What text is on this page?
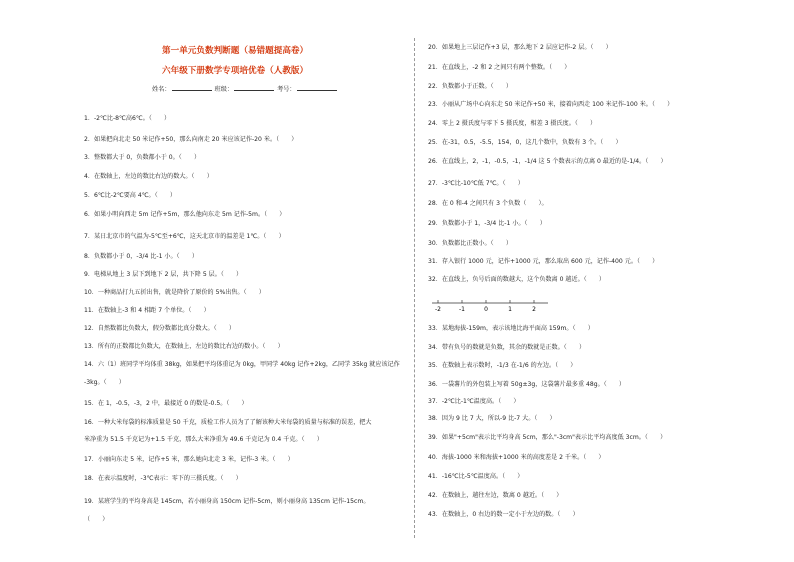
第一单元负数判断题（易错题提高卷）
六年级下册数学专项培优卷（人教版）
姓名：	班级：	考号：
1．-2℃比-8℃高6℃。（　　）
2．如果把向北走 50 米记作+50，那么向南走 20 米应该记作-20 米。（　　）
3．整数都大于 0，负数都小于 0。（　　）
4．在数轴上，左边的数比右边的数大。（　　）
5．6℃比-2℃要高 4℃。（　　）
6．如果小明向西走 5m 记作+5m，那么他向东走 5m 记作-5m。（　　）
7．某日北京市的气温为-5℃至+6℃，这天北京市的温差是 1℃。（　　）
8．负数都小于 0，-3/4 比-1 小。（　　）
9．电梯从地上 3 层下到地下 2 层，共下降 5 层。（　　）
10．一种商品打九五折出售，就是降价了原价的 5%出售。（　　）
11．在数轴上-3 和 4 相距 7 个单位。（　　）
12．自然数都比负数大，假分数都比真分数大。（　　）
13．所有的正数都比负数大，在数轴上，左边的数比右边的数小。（　　）
14．六（1）班同学平均体重 38kg，如果把平均体重记为 0kg，甲同学 40kg 记作+2kg，乙同学 35kg 就应该记作
-3kg。（　　）
15．在 1，-0.5，-3，2 中，最接近 0 的数是-0.5。（　　）
16．一种大米每袋的标准质量是 50 千克，质检工作人员为了了解该种大米每袋的质量与标准的误差，把大
米净重为 51.5 千克记为+1.5 千克，那么大米净重为 49.6 千克记为 0.4 千克。（　　）
17．小丽向东走 5 米，记作+5 米，那么她向北走 3 米，记作-3 米。（　　）
18．在表示温度时，-3℃表示：零下的三摄氏度。（　　）
19．某班学生的平均身高是 145cm，若小丽身高 150cm 记作-5cm，则小丽身高 135cm 记作-15cm。
（　　）
20．如果地上三层记作+3 层，那么地下 2 层应记作-2 层。（　　）
21．在直线上，-2 和 2 之间只有两个整数。（　　）
22．负数都小于正数。（　　）
23．小丽从广场中心向东走 50 米记作+50 米，接着向西走 100 米记作-100 米。（　　）
24．零上 2 摄氏度与零下 5 摄氏度，相差 3 摄氏度。（　　）
25．在-31，0.5，-5.5，154，0，这几个数中，负数有 3 个。（　　）
26．在直线上，2，-1，-0.5，-1，-1/4 这 5 个数表示的点离 0 最近的是-1/4。（　　）
27．-3℃比-10℃低 7℃。（　　）
28．在 0 和-4 之间只有 3 个负数（　　）。
29．负数都小于 1，-3/4 比-1 小。（　　）
30．负数都比正数小。（　　）
31．存入银行 1000 元，记作+1000 元，那么取出 600 元，记作-400 元。（　　）
32．在直线上，负号后面的数越大，这个负数离 0 越近。（　　）
-2	-1	0	1	2
33．某地海拔-159m，表示该地比海平面高 159m。（　　）
34．带有负号的数就是负数，其余的数就是正数。（　　）
35．在数轴上表示数时，-1/3 在-1/6 的左边。（　　）
36．一袋薯片的外包装上写着 50g±3g，这袋薯片最多重 48g。（　　）
37．-2℃比-1℃温度高。（　　）
38．因为 9 比 7 大，所以-9 比-7 大。（　　）
39．如果"+5cm"表示比平均身高 5cm，那么"-3cm"表示比平均高度低 3cm。（　　）
40．海拔-1000 米和海拔+1000 米的高度差是 2 千米。（　　）
41．-16℃比-5℃温度高。（　　）
42．在数轴上，越往左边，数离 0 越近。（　　）
43．在数轴上，0 右边的数一定小于左边的数。（　　）
